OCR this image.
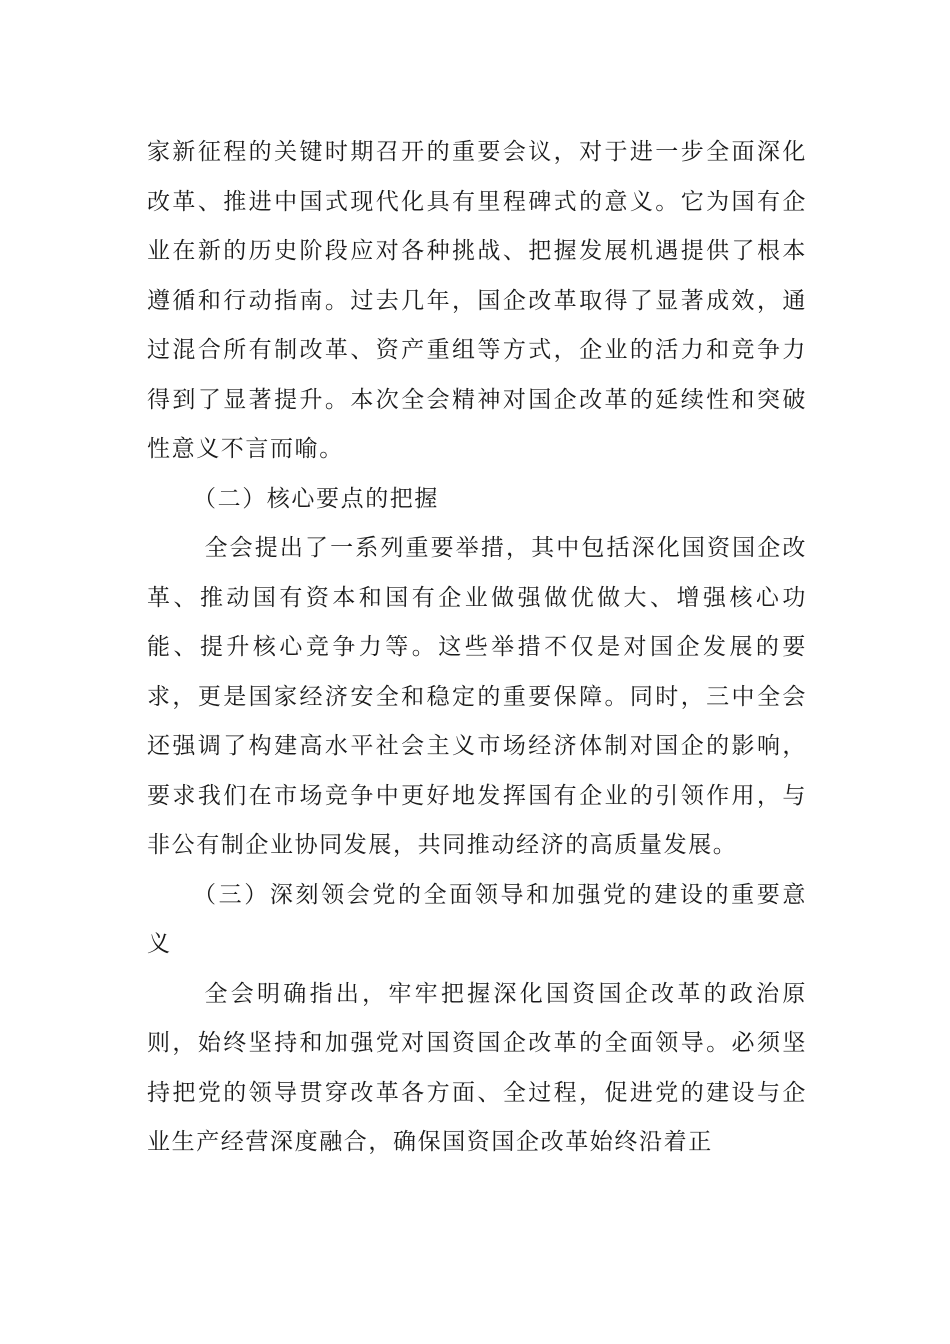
家新征程的关键时期召开的重要会议，对于进一步全面深化改革、推进中国式现代化具有里程碑式的意义。它为国有企业在新的历史阶段应对各种挑战、把握发展机遇提供了根本遵循和行动指南。过去几年，国企改革取得了显著成效，通过混合所有制改革、资产重组等方式，企业的活力和竞争力得到了显著提升。本次全会精神对国企改革的延续性和突破性意义不言而喻。

（二）核心要点的把握

全会提出了一系列重要举措，其中包括深化国资国企改革、推动国有资本和国有企业做强做优做大、增强核心功能、提升核心竞争力等。这些举措不仅是对国企发展的要求，更是国家经济安全和稳定的重要保障。同时，三中全会还强调了构建高水平社会主义市场经济体制对国企的影响，要求我们在市场竞争中更好地发挥国有企业的引领作用，与非公有制企业协同发展，共同推动经济的高质量发展。

（三）深刻领会党的全面领导和加强党的建设的重要意义

全会明确指出，牢牢把握深化国资国企改革的政治原则，始终坚持和加强党对国资国企改革的全面领导。必须坚持把党的领导贯穿改革各方面、全过程，促进党的建设与企业生产经营深度融合，确保国资国企改革始终沿着正
